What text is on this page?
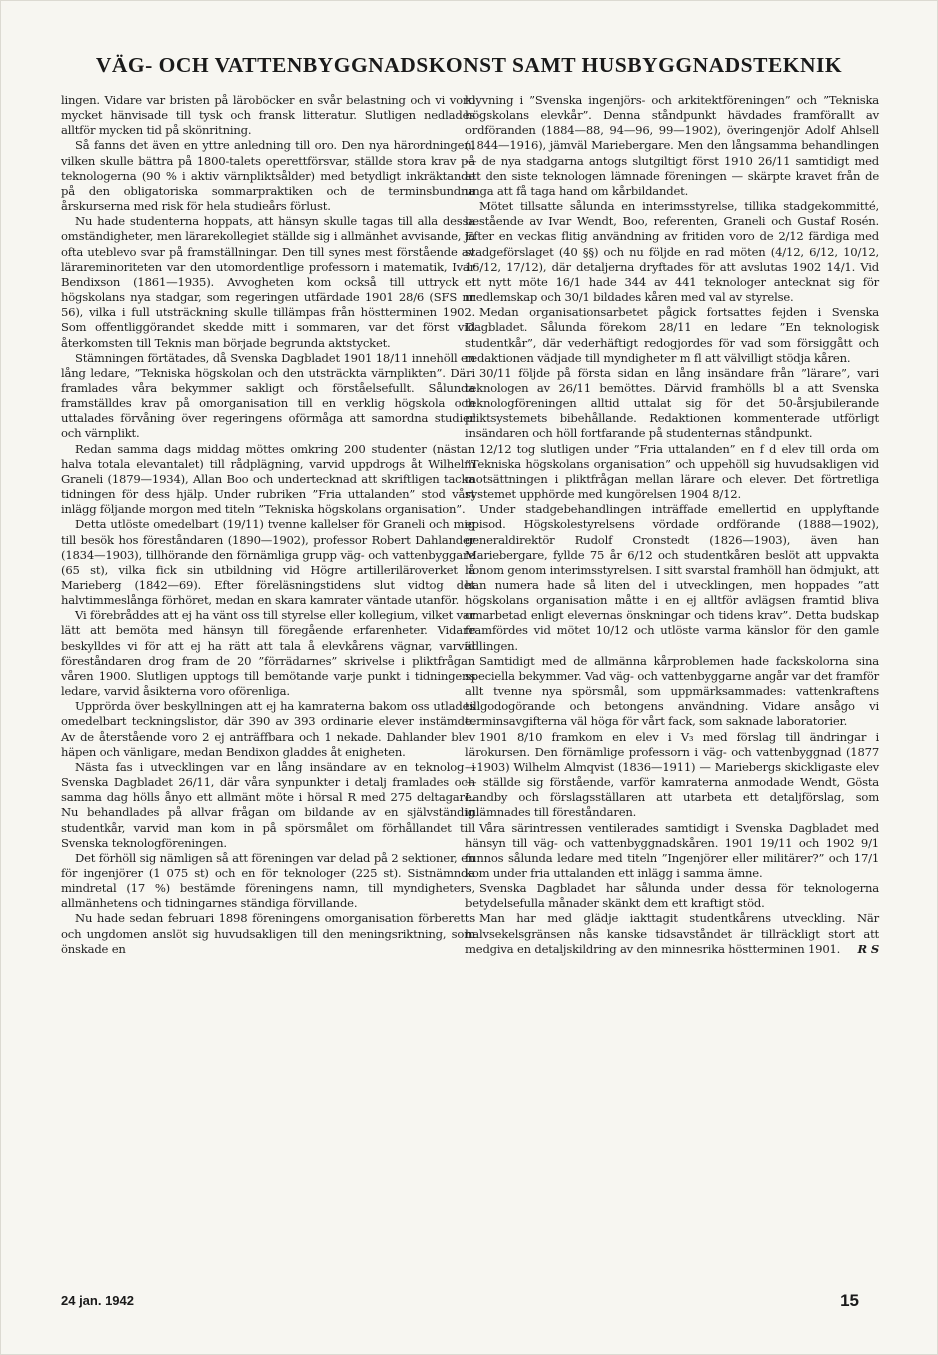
VÄG- OCH VATTENBYGGNADSKONST SAMT HUSBYGGNADSTEKNIK

lingen. Vidare var bristen på läroböcker en svår belastning och vi voro mycket hänvisade till tysk och fransk litteratur. Slutligen nedlades alltför mycken tid på skönritning.

Så fanns det även en yttre anledning till oro. Den nya härordningen, vilken skulle bättra på 1800-talets operettförsvar, ställde stora krav på teknologerna (90 % i aktiv värnpliktsålder) med betydligt inkräktande på den obligatoriska sommarpraktiken och de terminsbundna årskurserna med risk för hela studieårs förlust.

Nu hade studenterna hoppats, att hänsyn skulle tagas till alla dessa omständigheter, men lärarekollegiet ställde sig i allmänhet avvisande, ja ofta uteblevo svar på framställningar. Den till synes mest förstående av lärareminoriteten var den utomordentlige professorn i matematik, Ivar Bendixson (1861—1935). Avvogheten kom också till uttryck i högskolans nya stadgar, som regeringen utfärdade 1901 28/6 (SFS nr 56), vilka i full utsträckning skulle tillämpas från höstterminen 1902. Som offentliggörandet skedde mitt i sommaren, var det först vid återkomsten till Teknis man började begrunda aktstycket.

Stämningen förtätades, då Svenska Dagbladet 1901 18/11 innehöll en lång ledare, ”Tekniska högskolan och den utsträckta värnplikten”. Däri framlades våra bekymmer sakligt och förståelsefullt. Sålunda framställdes krav på omorganisation till en verklig högskola och uttalades förvåning över regeringens oförmåga att samordna studier och värnplikt.

Redan samma dags middag möttes omkring 200 studenter (nästan halva totala elevantalet) till rådplägning, varvid uppdrogs åt Wilhelm Graneli (1879—1934), Allan Boo och undertecknad att skriftligen tacka tidningen för dess hjälp. Under rubriken ”Fria uttalanden” stod vårt inlägg följande morgon med titeln ”Tekniska högskolans organisation”.

Detta utlöste omedelbart (19/11) tvenne kallelser för Graneli och mig till besök hos föreståndaren (1890—1902), professor Robert Dahlander (1834—1903), tillhörande den förnämliga grupp väg- och vattenbyggare (65 st), vilka fick sin utbildning vid Högre artilleriläroverket å Marieberg (1842—69). Efter föreläsningstidens slut vidtog det halvtimmeslånga förhöret, medan en skara kamrater väntade utanför.

Vi förebråddes att ej ha vänt oss till styrelse eller kollegium, vilket var lätt att bemöta med hänsyn till föregående erfarenheter. Vidare beskylldes vi för att ej ha rätt att tala å elevkårens vägnar, varvid föreståndaren drog fram de 20 ”förrädarnes” skrivelse i pliktfrågan våren 1900. Slutligen upptogs till bemötande varje punkt i tidningens ledare, varvid åsikterna voro oförenliga.

Upprörda över beskyllningen att ej ha kamraterna bakom oss utlades omedelbart teckningslistor, där 390 av 393 ordinarie elever instämde. Av de återstående voro 2 ej anträffbara och 1 nekade. Dahlander blev häpen och vänligare, medan Bendixon gladdes åt enigheten.

Nästa fas i utvecklingen var en lång insändare av en teknolog i Svenska Dagbladet 26/11, där våra synpunkter i detalj framlades och samma dag hölls ånyo ett allmänt möte i hörsal R med 275 deltagare. Nu behandlades på allvar frågan om bildande av en självständig studentkår, varvid man kom in på spörsmålet om förhållandet till Svenska teknologföreningen.

Det förhöll sig nämligen så att föreningen var delad på 2 sektioner, en för ingenjörer (1 075 st) och en för teknologer (225 st). Sistnämnda mindretal (17 %) bestämde föreningens namn, till myndigheters, allmänhetens och tidningarnes ständiga förvillande.

Nu hade sedan februari 1898 föreningens omorganisation förberetts och ungdomen anslöt sig huvudsakligen till den meningsriktning, som önskade en

klyvning i ”Svenska ingenjörs- och arkitektföreningen” och ”Tekniska högskolans elevkår”. Denna ståndpunkt hävdades framförallt av ordföranden (1884—88, 94—96, 99—1902), överingenjör Adolf Ahlsell (1844—1916), jämväl Mariebergare. Men den långsamma behandlingen — de nya stadgarna antogs slutgiltigt först 1910 26/11 samtidigt med att den siste teknologen lämnade föreningen — skärpte kravet från de unga att få taga hand om kårbildandet.

Mötet tillsatte sålunda en interimsstyrelse, tillika stadgekommitté, bestående av Ivar Wendt, Boo, referenten, Graneli och Gustaf Rosén. Efter en veckas flitig användning av fritiden voro de 2/12 färdiga med stadgeförslaget (40 §§) och nu följde en rad möten (4/12, 6/12, 10/12, 16/12, 17/12), där detaljerna dryftades för att avslutas 1902 14/1. Vid ett nytt möte 16/1 hade 344 av 441 teknologer antecknat sig för medlemskap och 30/1 bildades kåren med val av styrelse.

Medan organisationsarbetet pågick fortsattes fejden i Svenska Dagbladet. Sålunda förekom 28/11 en ledare ”En teknologisk studentkår”, där vederhäftigt redogjordes för vad som försiggått och redaktionen vädjade till myndigheter m fl att välvilligt stödja kåren.

30/11 följde på första sidan en lång insändare från ”lärare”, vari teknologen av 26/11 bemöttes. Därvid framhölls bl a att Svenska teknologföreningen alltid uttalat sig för det 50-årsjubilerande pliktsystemets bibehållande. Redaktionen kommenterade utförligt insändaren och höll fortfarande på studenternas ståndpunkt.

12/12 tog slutligen under ”Fria uttalanden” en f d elev till orda om ”Tekniska högskolans organisation” och uppehöll sig huvudsakligen vid motsättningen i pliktfrågan mellan lärare och elever. Det förtretliga systemet upphörde med kungörelsen 1904 8/12.

Under stadgebehandlingen inträffade emellertid en upplyftande episod. Högskolestyrelsens vördade ordförande (1888—1902), generaldirektör Rudolf Cronstedt (1826—1903), även han Mariebergare, fyllde 75 år 6/12 och studentkåren beslöt att uppvakta honom genom interimsstyrelsen. I sitt svarstal framhöll han ödmjukt, att han numera hade så liten del i utvecklingen, men hoppades ”att högskolans organisation måtte i en ej alltför avlägsen framtid bliva omarbetad enligt elevernas önskningar och tidens krav”. Detta budskap framfördes vid mötet 10/12 och utlöste varma känslor för den gamle ädlingen.

Samtidigt med de allmänna kårproblemen hade fackskolorna sina speciella bekymmer. Vad väg- och vattenbyggarne angår var det framför allt tvenne nya spörsmål, som uppmärksammades: vattenkraftens tillgodogörande och betongens användning. Vidare ansågo vi terminsavgifterna väl höga för vårt fack, som saknade laboratorier.

1901 8/10 framkom en elev i V₃ med förslag till ändringar i lärokursen. Den förnämlige professorn i väg- och vattenbyggnad (1877—1903) Wilhelm Almqvist (1836—1911) — Mariebergs skickligaste elev — ställde sig förstående, varför kamraterna anmodade Wendt, Gösta Landby och förslagsställaren att utarbeta ett detaljförslag, som inlämnades till föreståndaren.

Våra särintressen ventilerades samtidigt i Svenska Dagbladet med hänsyn till väg- och vattenbyggnadskåren. 1901 19/11 och 1902 9/1 funnos sålunda ledare med titeln ”Ingenjörer eller militärer?” och 17/1 kom under fria uttalanden ett inlägg i samma ämne.

Svenska Dagbladet har sålunda under dessa för teknologerna betydelsefulla månader skänkt dem ett kraftigt stöd.

Man har med glädje iakttagit studentkårens utveckling. När halvsekelsgränsen nås kanske tidsavståndet är tillräckligt stort att medgiva en detaljskildring av den minnesrika höstterminen 1901.	R S

24 jan. 1942	15
